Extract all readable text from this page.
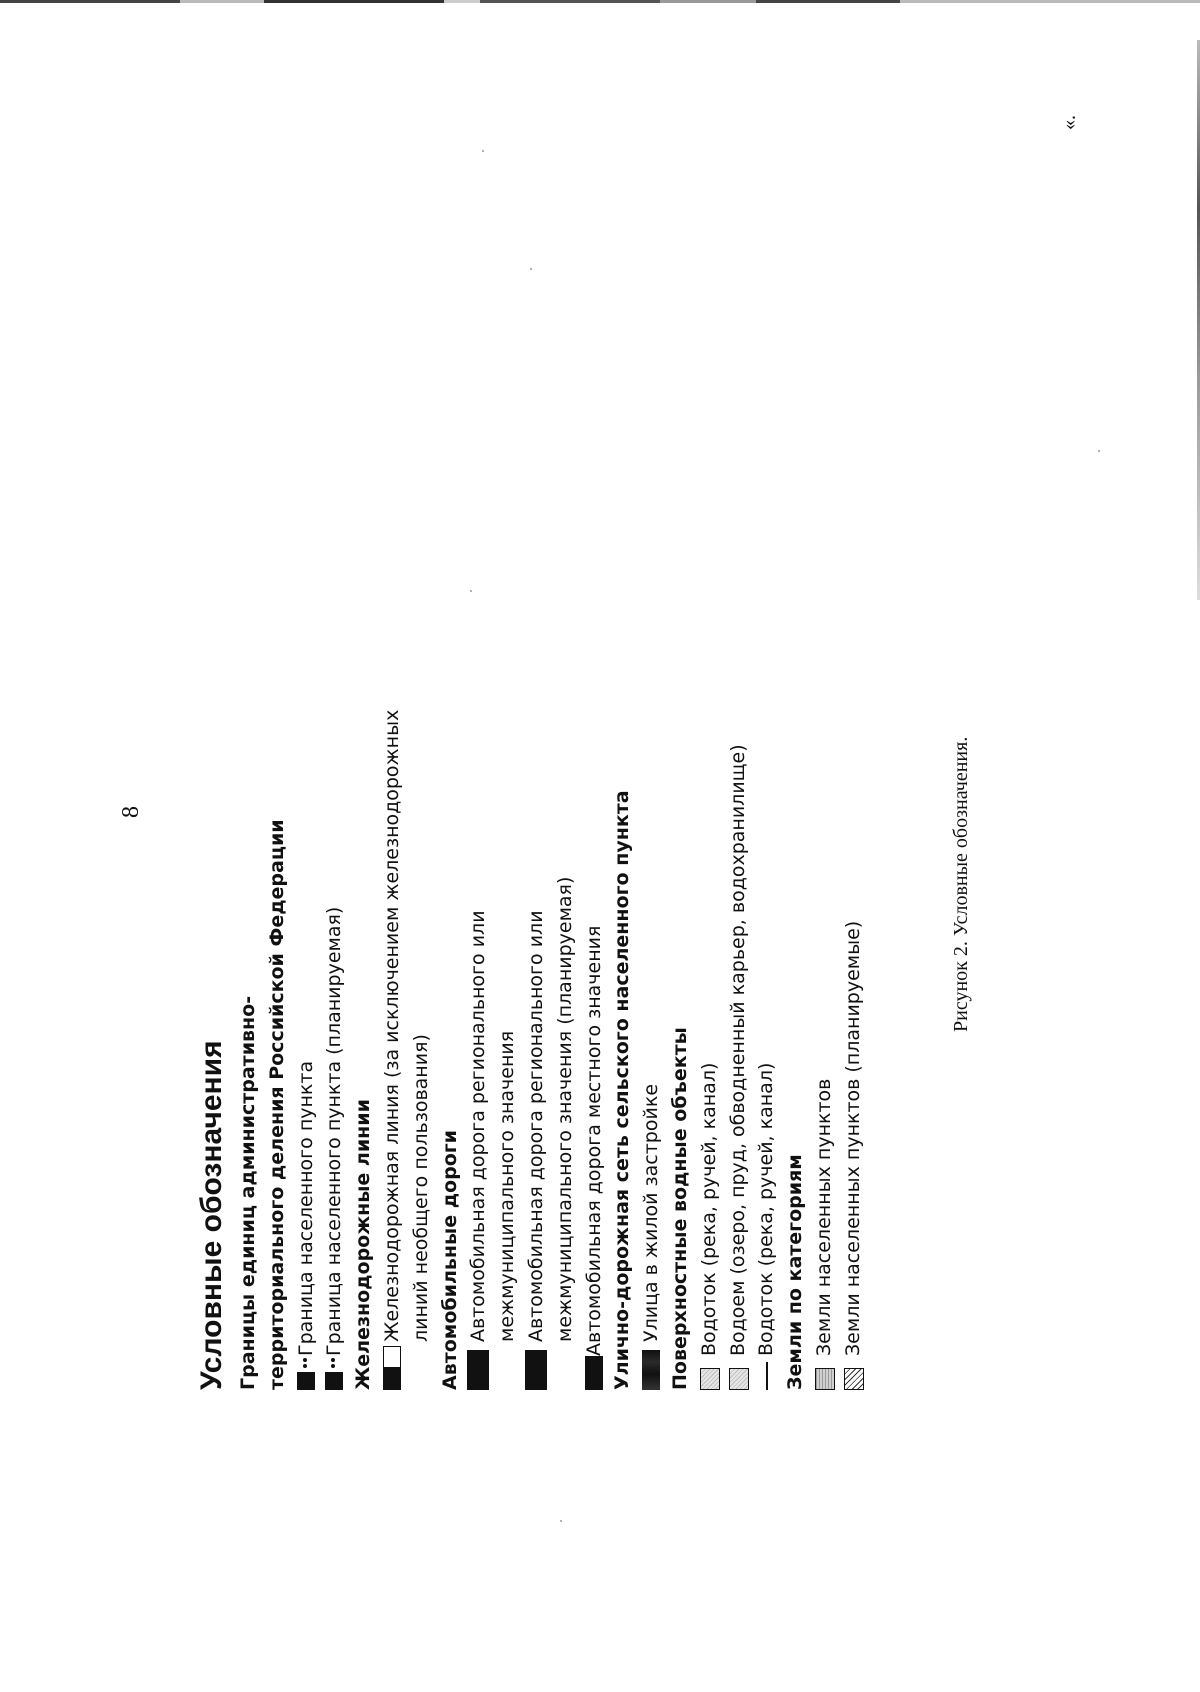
8
«.
Рисунок 2. Условные обозначения.
Условные обозначения Границы единиц административно- территориального деления Российской Федерации Граница населенного пункта Граница населенного пункта (планируемая) Железнодорожные линии Железнодорожная линия (за исключением железнодорожных линий необщего пользования) Автомобильные дороги Автомобильная дорога регионального или межмуниципального значения Автомобильная дорога регионального или межмуниципального значения (планируемая) Автомобильная дорога местного значения Улично-дорожная сеть сельского населенного пункта Улица в жилой застройке Поверхностные водные объекты Водоток (река, ручей, канал) Водоем (озеро, пруд, обводненный карьер, водохранилище) Водоток (река, ручей, канал) Земли по категориям Земли населенных пунктов Земли населенных пунктов (планируемые)
